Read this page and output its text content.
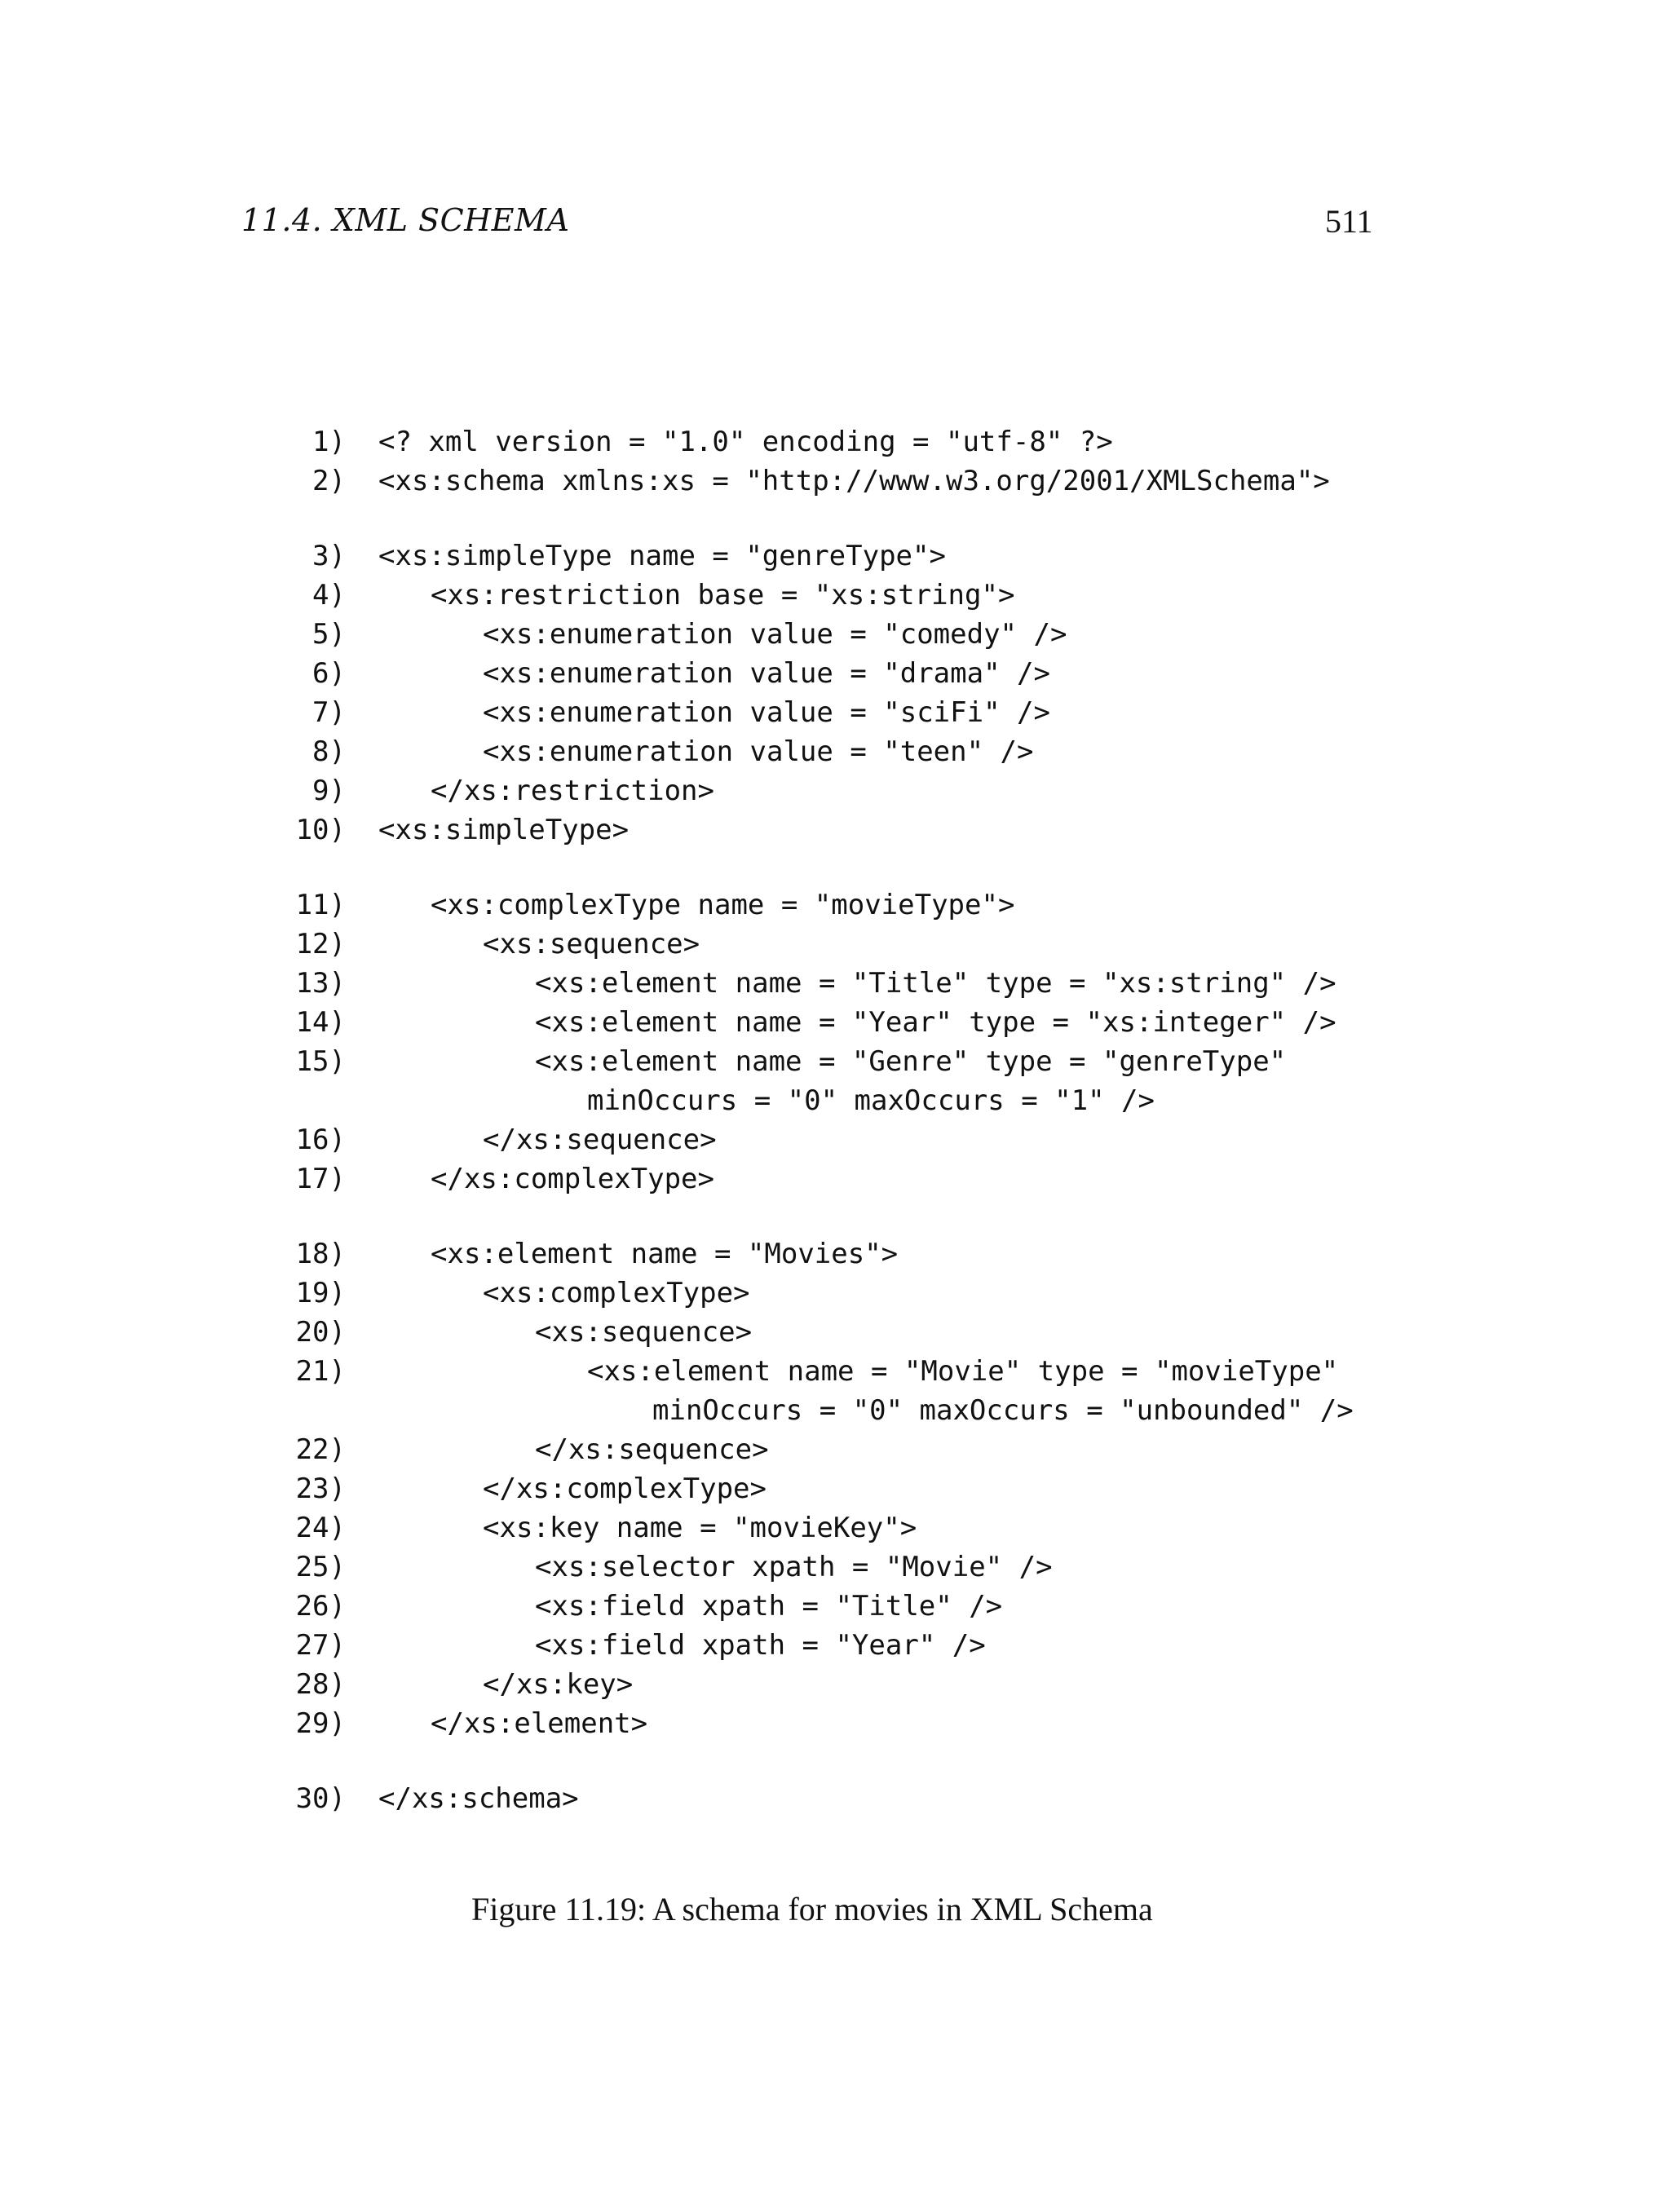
11.4. XML SCHEMA	511
1) <? xml version = "1.0" encoding = "utf-8" ?>
2) <xs:schema xmlns:xs = "http://www.w3.org/2001/XMLSchema">
3) <xs:simpleType name = "genreType">
4)	<xs:restriction base = "xs:string">
5)	<xs:enumeration value = "comedy" />
6)	<xs:enumeration value = "drama" />
7)	<xs:enumeration value = "sciFi" />
8)	<xs:enumeration value = "teen" />
9)	</xs:restriction>
10) <xs:simpleType>
11)	<xs:complexType name = "movieType">
12)	<xs:sequence>
13)	<xs:element name = "Title" type = "xs:string" />
14)	<xs:element name = "Year" type = "xs:integer" />
15)	<xs:element name = "Genre" type = "genreType"
minOccurs = "0" maxOccurs = "1" />
16)	</xs:sequence>
17)	</xs:complexType>
18)	<xs:element name = "Movies">
19)	<xs:complexType>
20)	<xs:sequence>
21)	<xs:element name = "Movie" type = "movieType"
minOccurs = "0" maxOccurs = "unbounded" />
22)	</xs:sequence>
23)	</xs:complexType>
24)	<xs:key name = "movieKey">
25)	<xs:selector xpath = "Movie" />
26)	<xs:field xpath = "Title" />
27)	<xs:field xpath = "Year" />
28)	</xs:key>
29)	</xs:element>
30) </xs:schema>
Figure 11.19: A schema for movies in XML Schema
